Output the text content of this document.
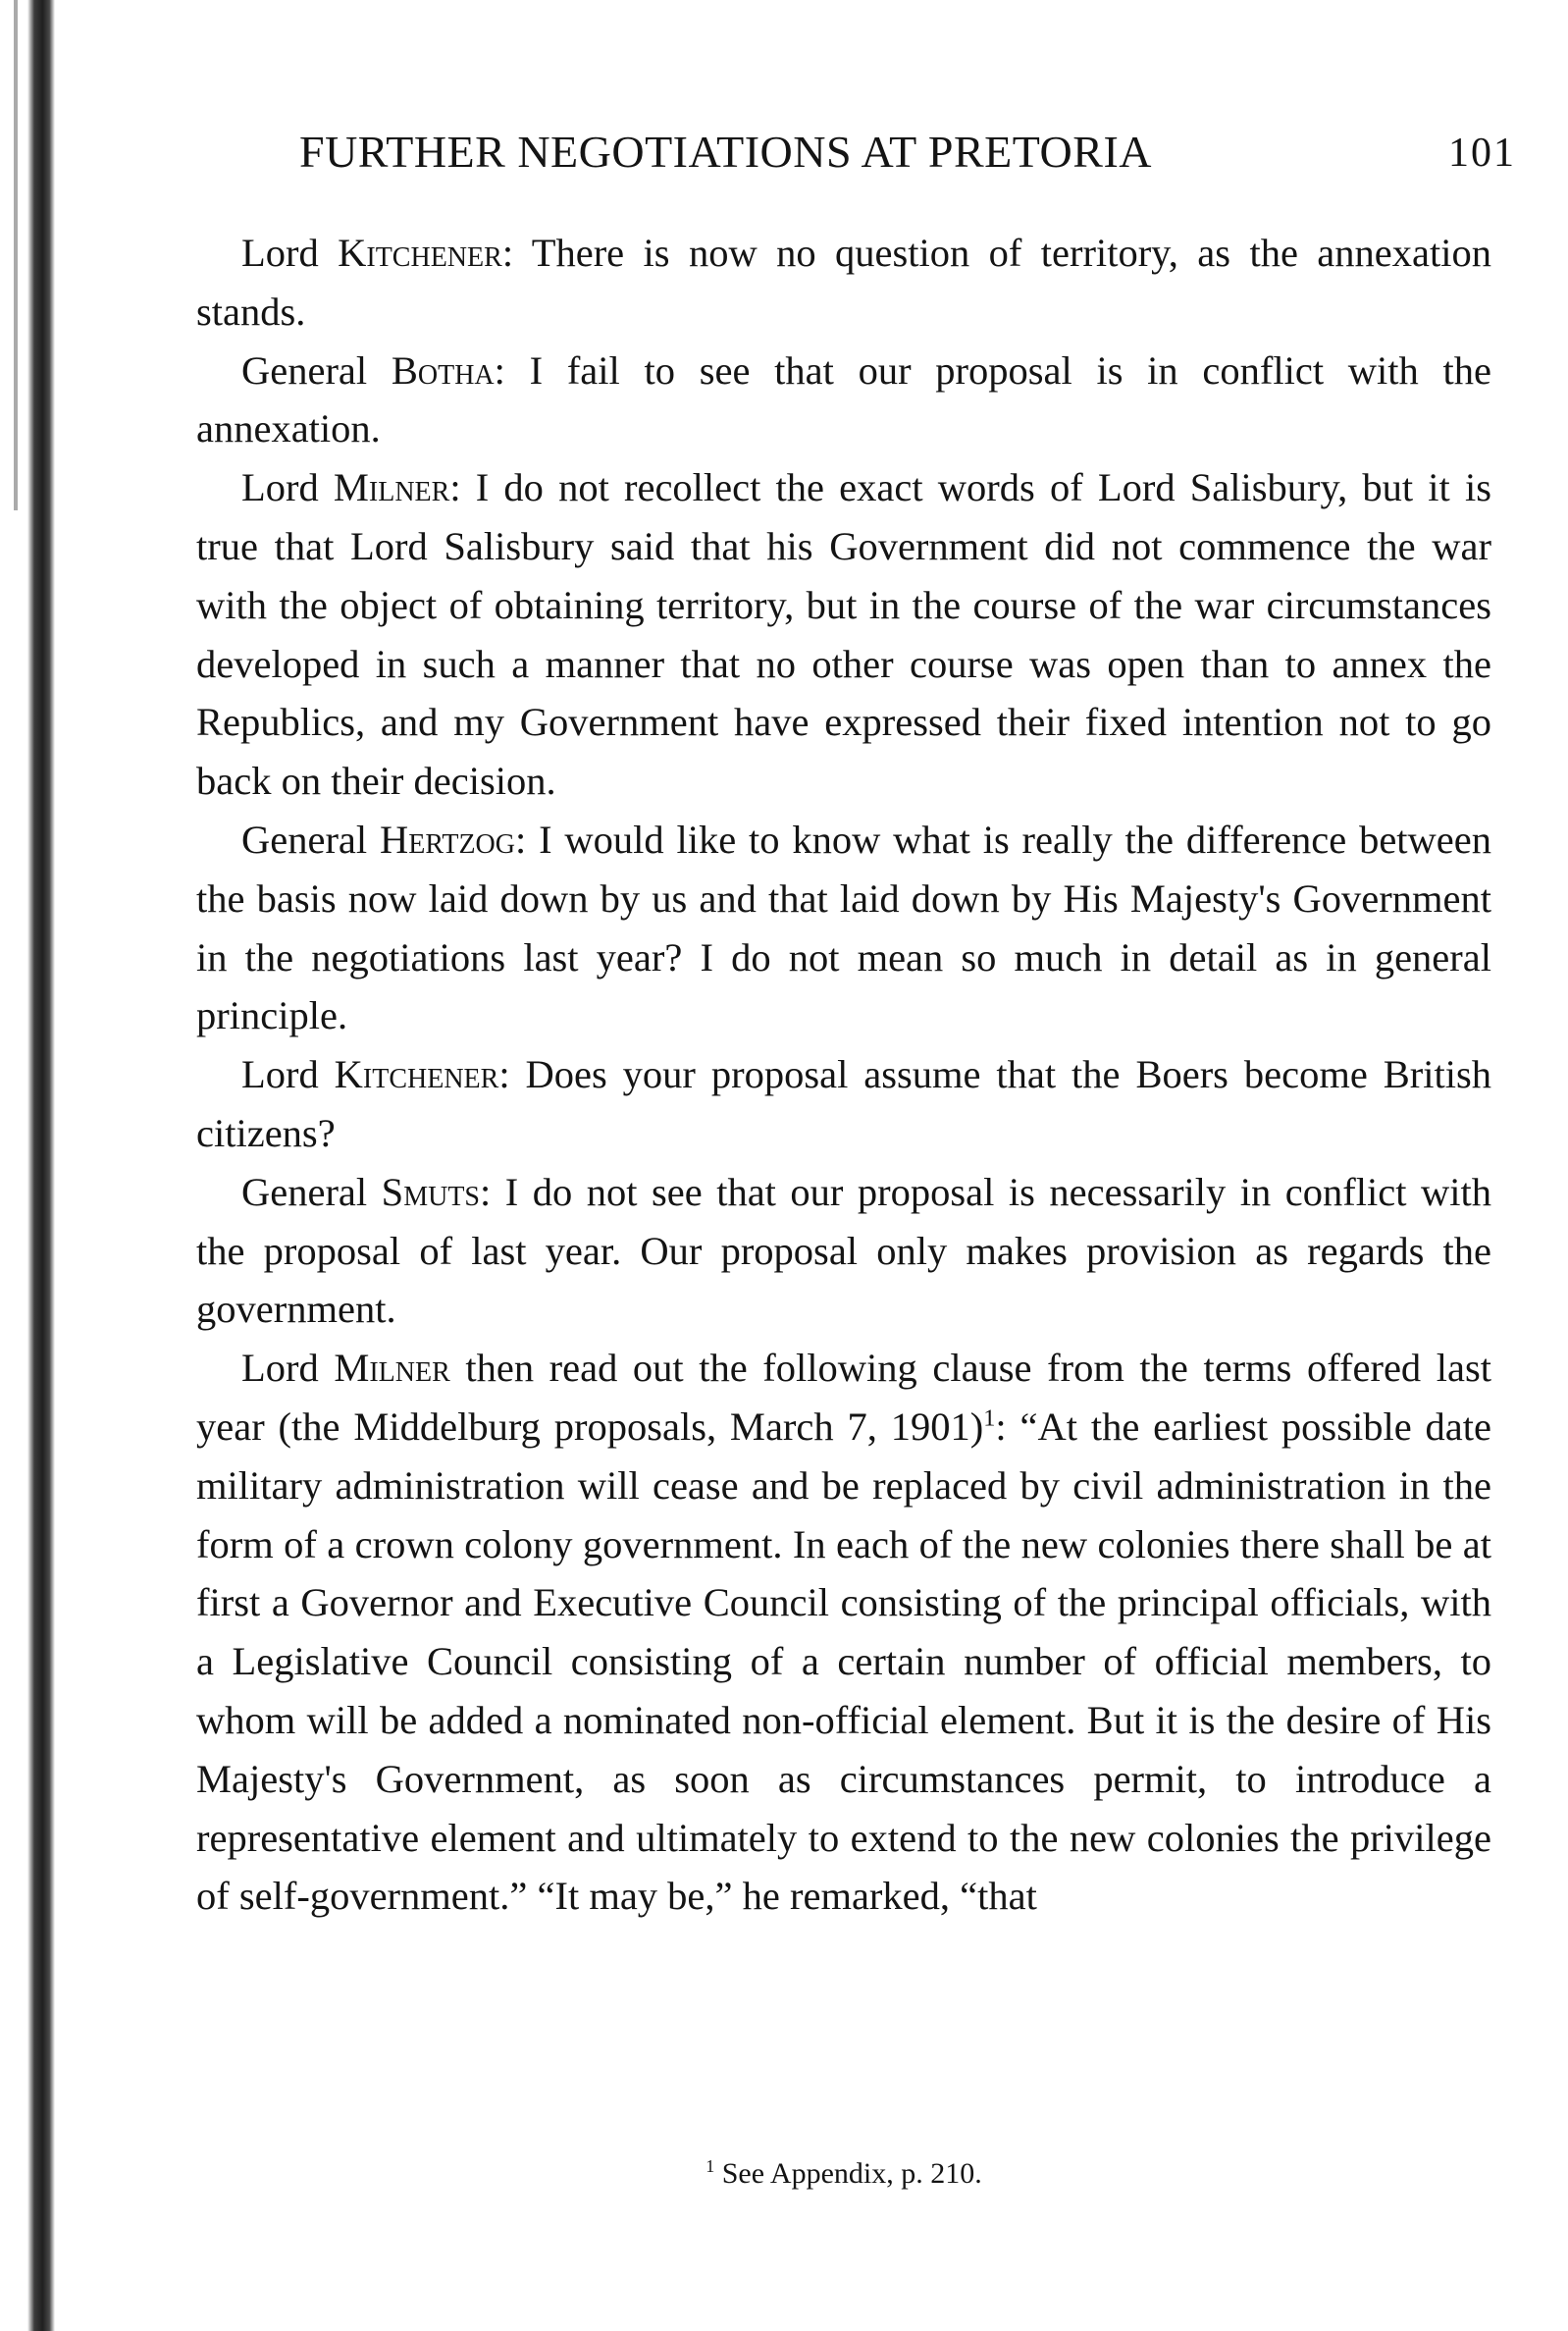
FURTHER NEGOTIATIONS AT PRETORIA	101

Lord Kitchener: There is now no question of territory, as the annexation stands.

General Botha: I fail to see that our proposal is in conflict with the annexation.

Lord Milner: I do not recollect the exact words of Lord Salisbury, but it is true that Lord Salisbury said that his Government did not commence the war with the object of obtaining territory, but in the course of the war circumstances developed in such a manner that no other course was open than to annex the Republics, and my Government have expressed their fixed intention not to go back on their decision.

General Hertzog: I would like to know what is really the difference between the basis now laid down by us and that laid down by His Majesty's Government in the negotiations last year? I do not mean so much in detail as in general principle.

Lord Kitchener: Does your proposal assume that the Boers become British citizens?

General Smuts: I do not see that our proposal is necessarily in conflict with the proposal of last year. Our proposal only makes provision as regards the government.

Lord Milner then read out the following clause from the terms offered last year (the Middelburg proposals, March 7, 1901)$^1$: “At the earliest possible date military administration will cease and be replaced by civil administration in the form of a crown colony government. In each of the new colonies there shall be at first a Governor and Executive Council consisting of the principal officials, with a Legislative Council consisting of a certain number of official members, to whom will be added a nominated non-official element. But it is the desire of His Majesty's Government, as soon as circumstances permit, to introduce a representative element and ultimately to extend to the new colonies the privilege of self-government.” “It may be,” he remarked, “that

$^1$ See Appendix, p. 210.
